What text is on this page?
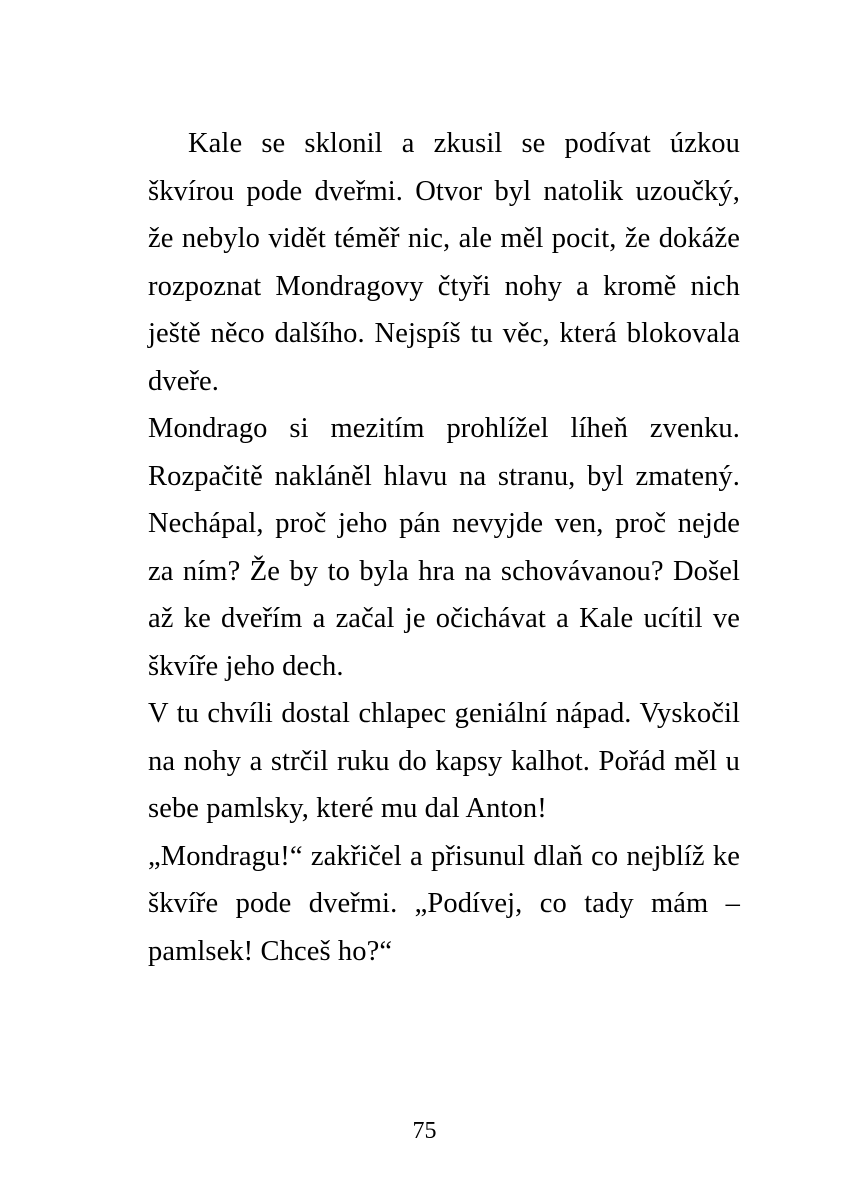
Kale se sklonil a zkusil se podívat úzkou škvírou pode dveřmi. Otvor byl natolik uzoučký, že nebylo vidět téměř nic, ale měl pocit, že dokáže rozpoznat Mondragovy čtyři nohy a kromě nich ještě něco dalšího. Nejspíš tu věc, která blokovala dveře.

Mondrago si mezitím prohlížel líheň zvenku. Rozpačitě nakláněl hlavu na stranu, byl zmatený. Nechápal, proč jeho pán nevyjde ven, proč nejde za ním? Že by to byla hra na schovávanou? Došel až ke dveřím a začal je očichávat a Kale ucítil ve škvíře jeho dech.

V tu chvíli dostal chlapec geniální nápad. Vyskočil na nohy a strčil ruku do kapsy kalhot. Pořád měl u sebe pamlsky, které mu dal Anton!

„Mondragu!“ zakřičel a přisunul dlaň co nejblíž ke škvíře pode dveřmi. „Podívej, co tady mám – pamlsek! Chceš ho?“

75
